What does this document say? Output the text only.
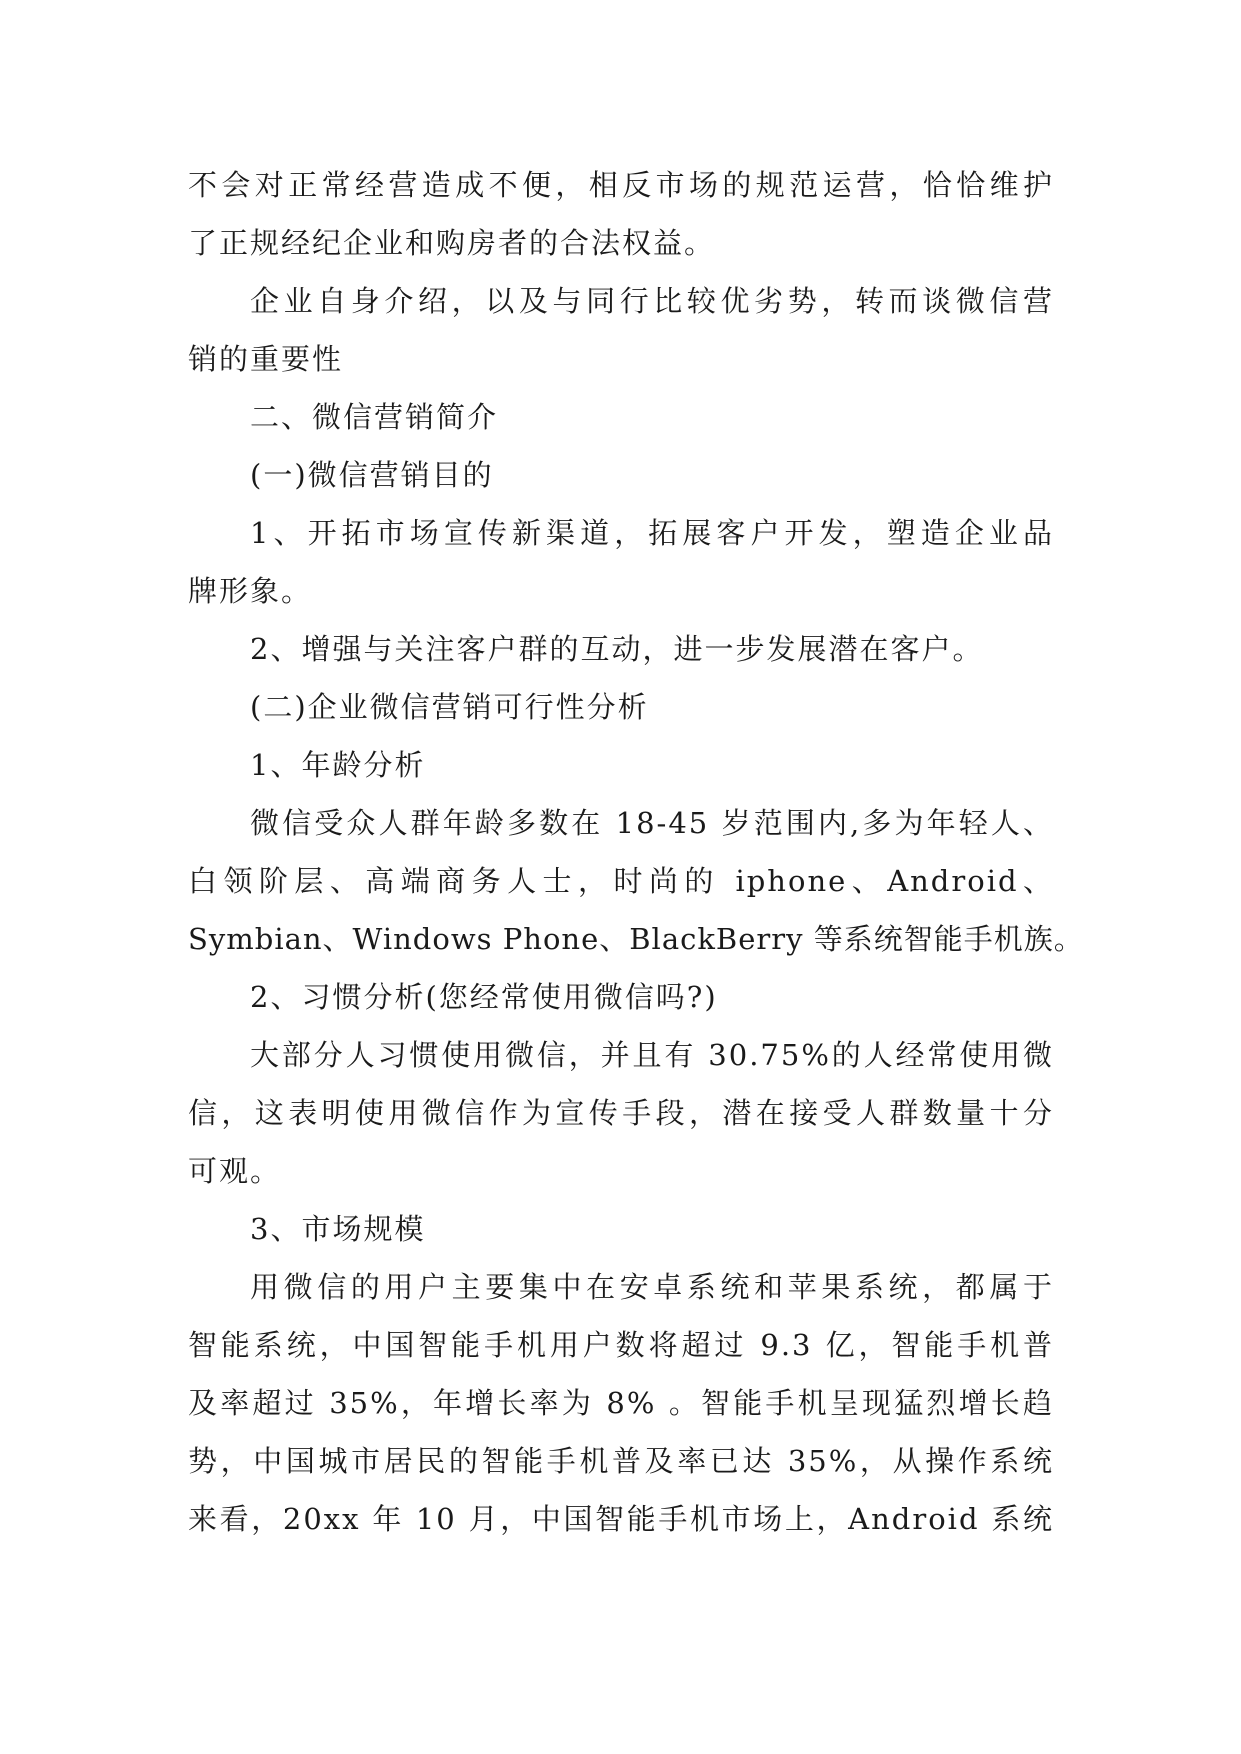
不会对正常经营造成不便，相反市场的规范运营，恰恰维护
了正规经纪企业和购房者的合法权益。

企业自身介绍，以及与同行比较优劣势，转而谈微信营
销的重要性

二、微信营销简介

(一)微信营销目的

1、开拓市场宣传新渠道，拓展客户开发，塑造企业品
牌形象。

2、增强与关注客户群的互动，进一步发展潜在客户。

(二)企业微信营销可行性分析

1、年龄分析

微信受众人群年龄多数在 18-45 岁范围内,多为年轻人、
白领阶层、高端商务人士，时尚的 iphone、Android、
Symbian、Windows Phone、BlackBerry 等系统智能手机族。

2、习惯分析(您经常使用微信吗?)

大部分人习惯使用微信，并且有 30.75%的人经常使用微
信，这表明使用微信作为宣传手段，潜在接受人群数量十分
可观。

3、市场规模

用微信的用户主要集中在安卓系统和苹果系统，都属于
智能系统，中国智能手机用户数将超过 9.3 亿，智能手机普
及率超过 35%，年增长率为 8% 。智能手机呈现猛烈增长趋
势，中国城市居民的智能手机普及率已达 35%，从操作系统
来看，20xx 年 10 月，中国智能手机市场上，Android 系统
